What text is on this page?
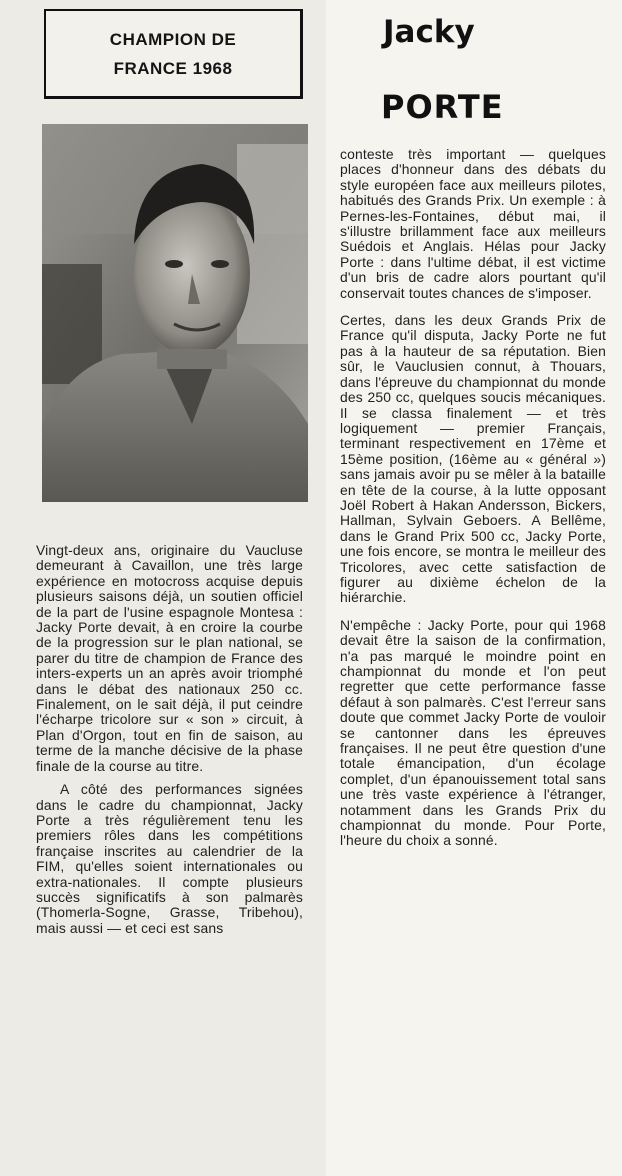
CHAMPION DE
FRANCE 1968
Jacky
PORTE

Vingt-deux ans, originaire du Vaucluse demeurant à Cavaillon, une très large expérience en motocross acquise depuis plusieurs saisons déjà, un soutien officiel de la part de l'usine espagnole Montesa : Jacky Porte devait, à en croire la courbe de la progression sur le plan national, se parer du titre de champion de France des inters-experts un an après avoir triomphé dans le débat des nationaux 250 cc. Finalement, on le sait déjà, il put ceindre l'écharpe tricolore sur « son » circuit, à Plan d'Orgon, tout en fin de saison, au terme de la manche décisive de la phase finale de la course au titre.

A côté des performances signées dans le cadre du championnat, Jacky Porte a très régulièrement tenu les premiers rôles dans les compétitions française inscrites au calendrier de la FIM, qu'elles soient internationales ou extra-nationales. Il compte plusieurs succès significatifs à son palmarès (Thomerla-Sogne, Grasse, Tribehou), mais aussi — et ceci est sans

conteste très important — quelques places d'honneur dans des débats du style européen face aux meilleurs pilotes, habitués des Grands Prix. Un exemple : à Pernes-les-Fontaines, début mai, il s'illustre brillamment face aux meilleurs Suédois et Anglais. Hélas pour Jacky Porte : dans l'ultime débat, il est victime d'un bris de cadre alors pourtant qu'il conservait toutes chances de s'imposer.

Certes, dans les deux Grands Prix de France qu'il disputa, Jacky Porte ne fut pas à la hauteur de sa réputation. Bien sûr, le Vauclusien connut, à Thouars, dans l'épreuve du championnat du monde des 250 cc, quelques soucis mécaniques. Il se classa finalement — et très logiquement — premier Français, terminant respectivement en 17ème et 15ème position, (16ème au « général ») sans jamais avoir pu se mêler à la bataille en tête de la course, à la lutte opposant Joël Robert à Hakan Andersson, Bickers, Hallman, Sylvain Geboers. A Bellême, dans le Grand Prix 500 cc, Jacky Porte, une fois encore, se montra le meilleur des Tricolores, avec cette satisfaction de figurer au dixième échelon de la hiérarchie.

N'empêche : Jacky Porte, pour qui 1968 devait être la saison de la confirmation, n'a pas marqué le moindre point en championnat du monde et l'on peut regretter que cette performance fasse défaut à son palmarès. C'est l'erreur sans doute que commet Jacky Porte de vouloir se cantonner dans les épreuves françaises. Il ne peut être question d'une totale émancipation, d'un écolage complet, d'un épanouissement total sans une très vaste expérience à l'étranger, notamment dans les Grands Prix du championnat du monde. Pour Porte, l'heure du choix a sonné.
